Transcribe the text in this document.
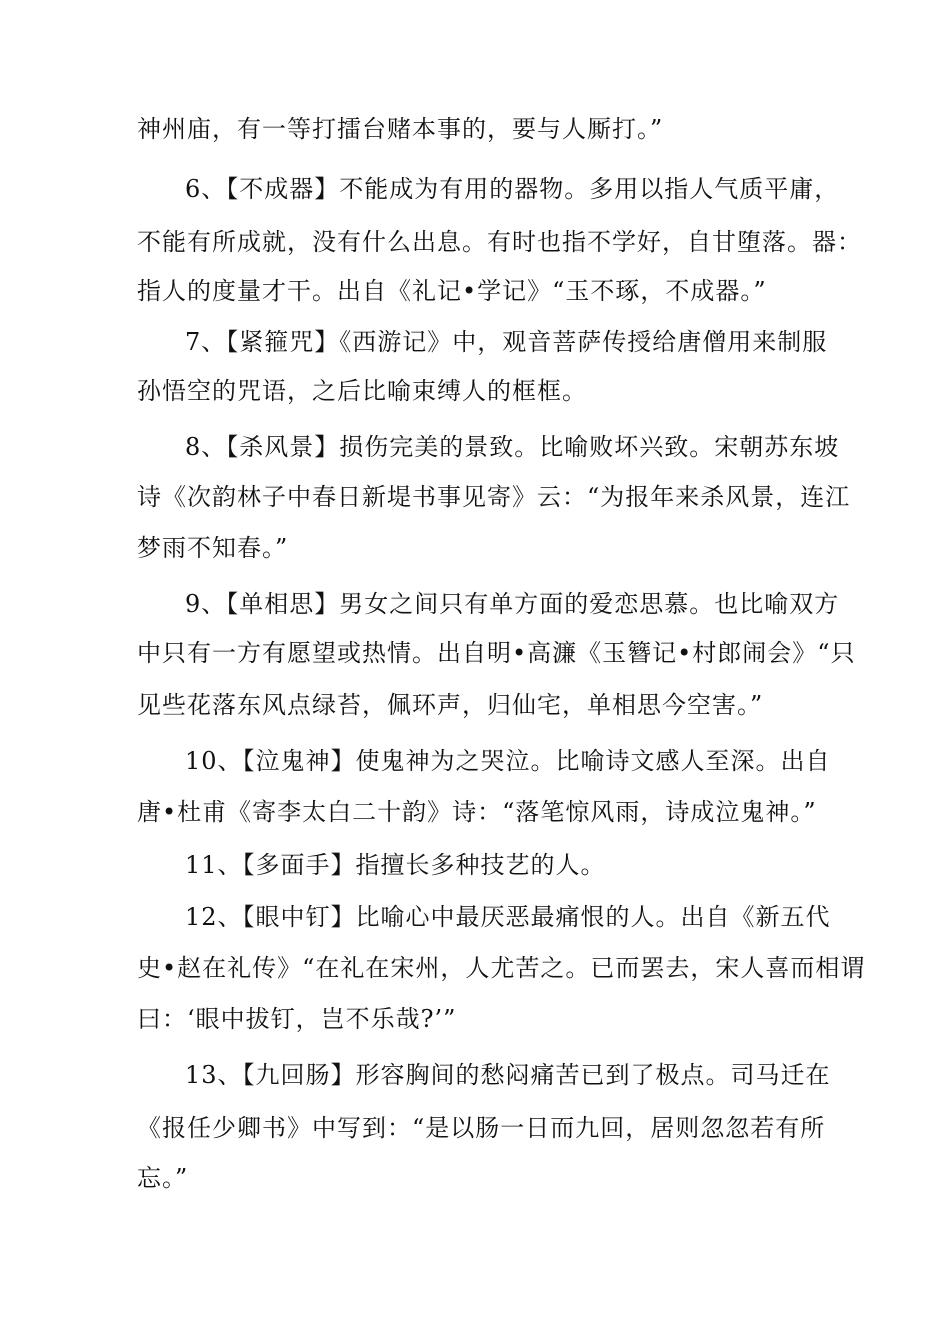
神州庙，有一等打擂台赌本事的，要与人厮打。”
6、【不成器】不能成为有用的器物。多用以指人气质平庸，
不能有所成就，没有什么出息。有时也指不学好，自甘堕落。器：
指人的度量才干。出自《礼记•学记》“玉不琢，不成器。”
7、【紧箍咒】《西游记》中，观音菩萨传授给唐僧用来制服
孙悟空的咒语，之后比喻束缚人的框框。
8、【杀风景】损伤完美的景致。比喻败坏兴致。宋朝苏东坡
诗《次韵林子中春日新堤书事见寄》云：“为报年来杀风景，连江
梦雨不知春。”
9、【单相思】男女之间只有单方面的爱恋思慕。也比喻双方
中只有一方有愿望或热情。出自明•高濂《玉簪记•村郎闹会》“只
见些花落东风点绿苔，佩环声，归仙宅，单相思今空害。”
10、【泣鬼神】使鬼神为之哭泣。比喻诗文感人至深。出自
唐•杜甫《寄李太白二十韵》诗：“落笔惊风雨，诗成泣鬼神。”
11、【多面手】指擅长多种技艺的人。
12、【眼中钉】比喻心中最厌恶最痛恨的人。出自《新五代
史•赵在礼传》“在礼在宋州，人尤苦之。已而罢去，宋人喜而相谓
曰：‘眼中拔钉，岂不乐哉?’”
13、【九回肠】形容胸间的愁闷痛苦已到了极点。司马迁在
《报任少卿书》中写到：“是以肠一日而九回，居则忽忽若有所
忘。”
